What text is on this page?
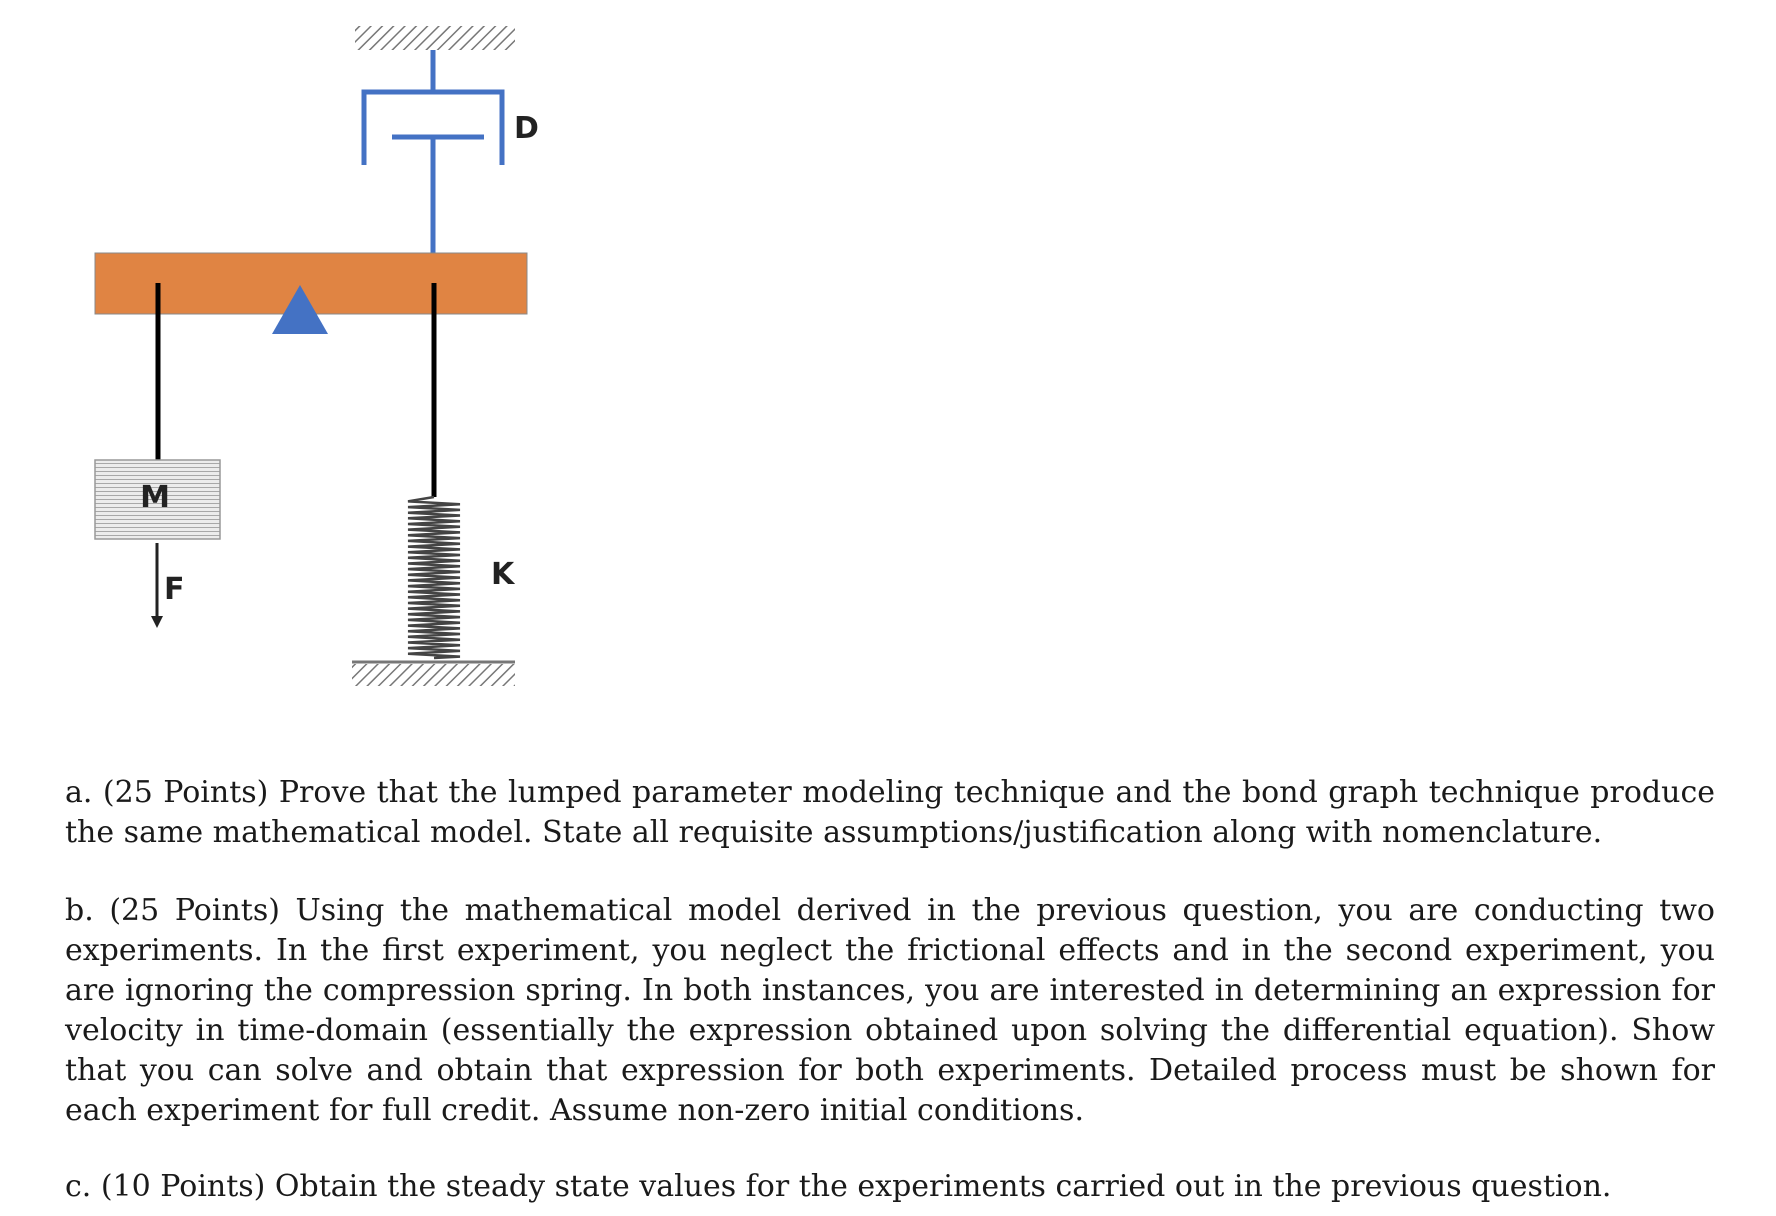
M
F
D
K

a. (25 Points) Prove that the lumped parameter modeling technique and the bond graph technique produce the same mathematical model. State all requisite assumptions/justification along with nomenclature.

b. (25 Points) Using the mathematical model derived in the previous question, you are conducting two experiments. In the first experiment, you neglect the frictional effects and in the second experiment, you are ignoring the compression spring. In both instances, you are interested in determining an expression for velocity in time-domain (essentially the expression obtained upon solving the differential equation). Show that you can solve and obtain that expression for both experiments. Detailed process must be shown for each experiment for full credit. Assume non-zero initial conditions.

c. (10 Points) Obtain the steady state values for the experiments carried out in the previous question.
